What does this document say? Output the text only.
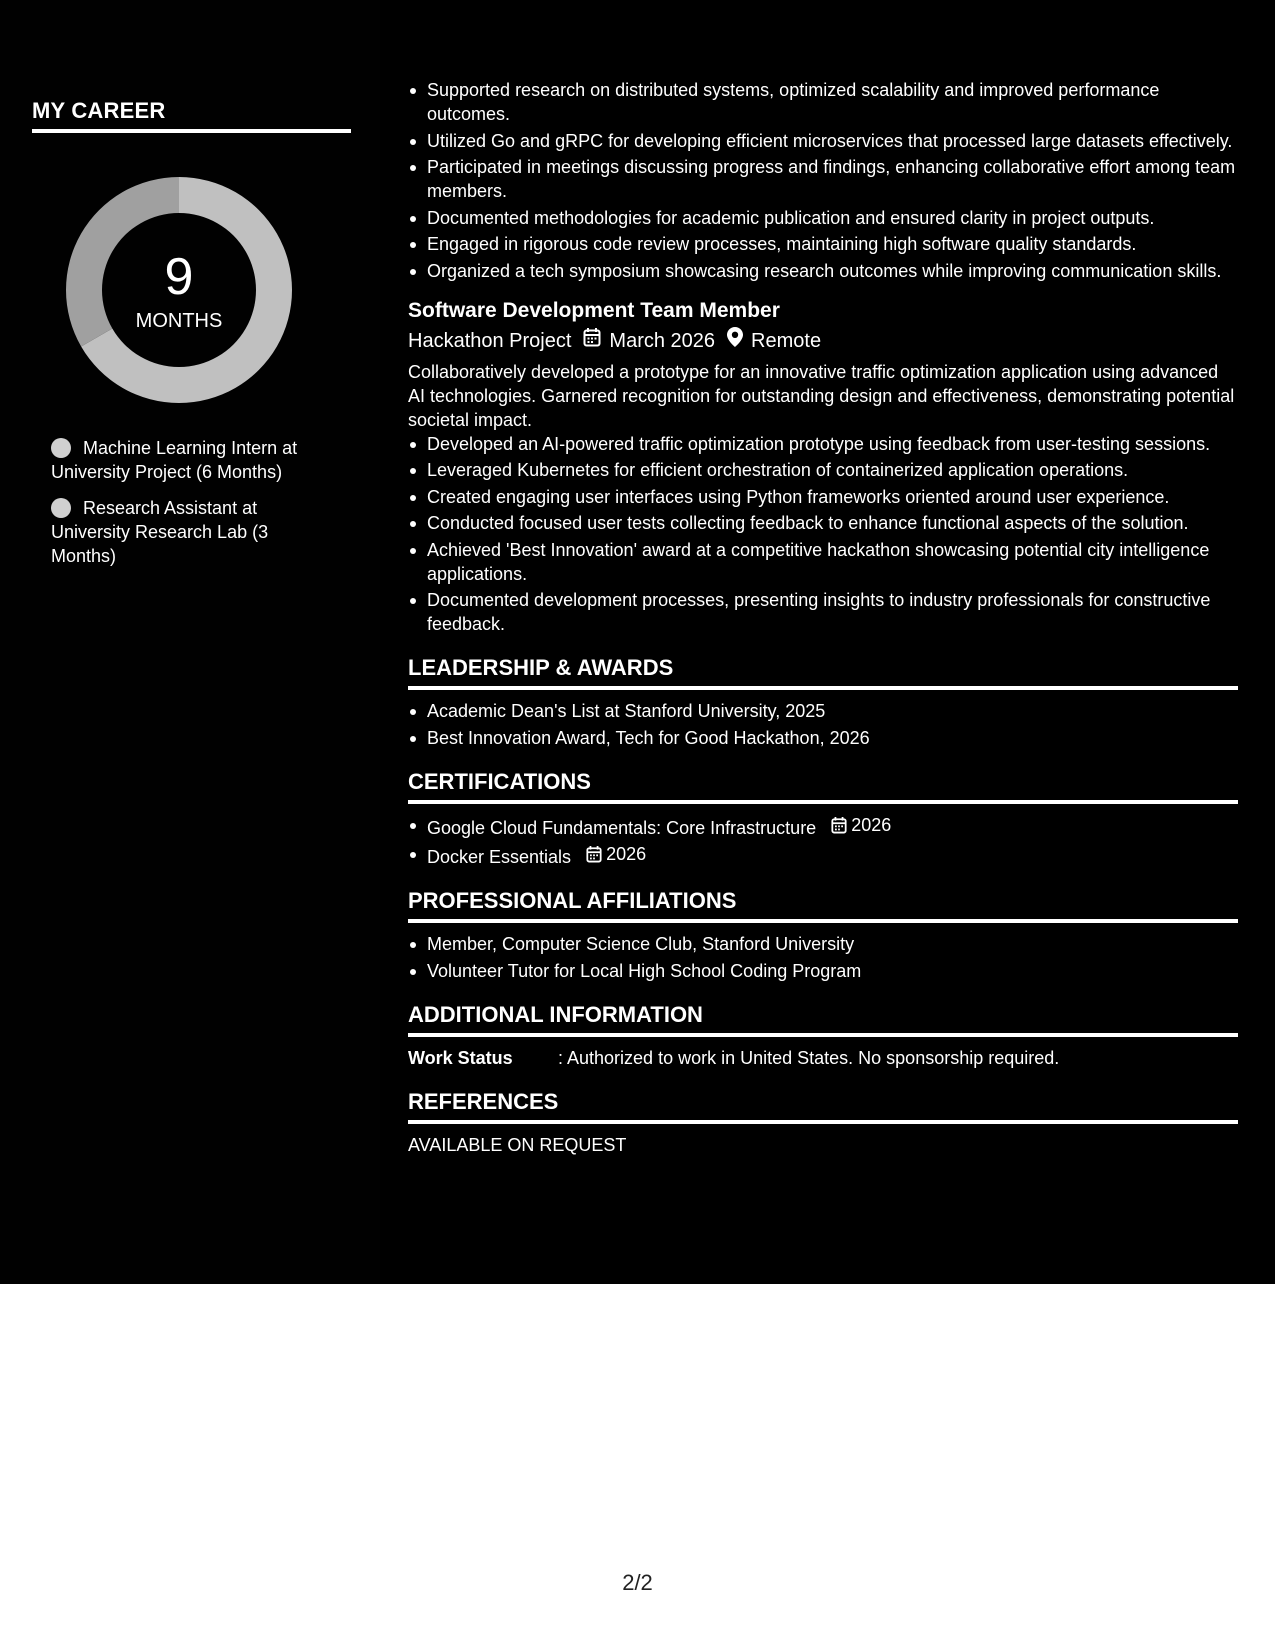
MY CAREER
9
MONTHS
Machine Learning Intern at University Project (6 Months)
Research Assistant at University Research Lab (3 Months)
Supported research on distributed systems, optimized scalability and improved performance outcomes.
Utilized Go and gRPC for developing efficient microservices that processed large datasets effectively.
Participated in meetings discussing progress and findings, enhancing collaborative effort among team members.
Documented methodologies for academic publication and ensured clarity in project outputs.
Engaged in rigorous code review processes, maintaining high software quality standards.
Organized a tech symposium showcasing research outcomes while improving communication skills.
Software Development Team Member
Hackathon Project March 2026 Remote
Collaboratively developed a prototype for an innovative traffic optimization application using advanced AI technologies. Garnered recognition for outstanding design and effectiveness, demonstrating potential societal impact.
Developed an AI-powered traffic optimization prototype using feedback from user-testing sessions.
Leveraged Kubernetes for efficient orchestration of containerized application operations.
Created engaging user interfaces using Python frameworks oriented around user experience.
Conducted focused user tests collecting feedback to enhance functional aspects of the solution.
Achieved 'Best Innovation' award at a competitive hackathon showcasing potential city intelligence applications.
Documented development processes, presenting insights to industry professionals for constructive feedback.
LEADERSHIP & AWARDS
Academic Dean's List at Stanford University, 2025
Best Innovation Award, Tech for Good Hackathon, 2026
CERTIFICATIONS
Google Cloud Fundamentals: Core Infrastructure 2026
Docker Essentials 2026
PROFESSIONAL AFFILIATIONS
Member, Computer Science Club, Stanford University
Volunteer Tutor for Local High School Coding Program
ADDITIONAL INFORMATION
Work Status	: Authorized to work in United States. No sponsorship required.
REFERENCES
AVAILABLE ON REQUEST
2/2
